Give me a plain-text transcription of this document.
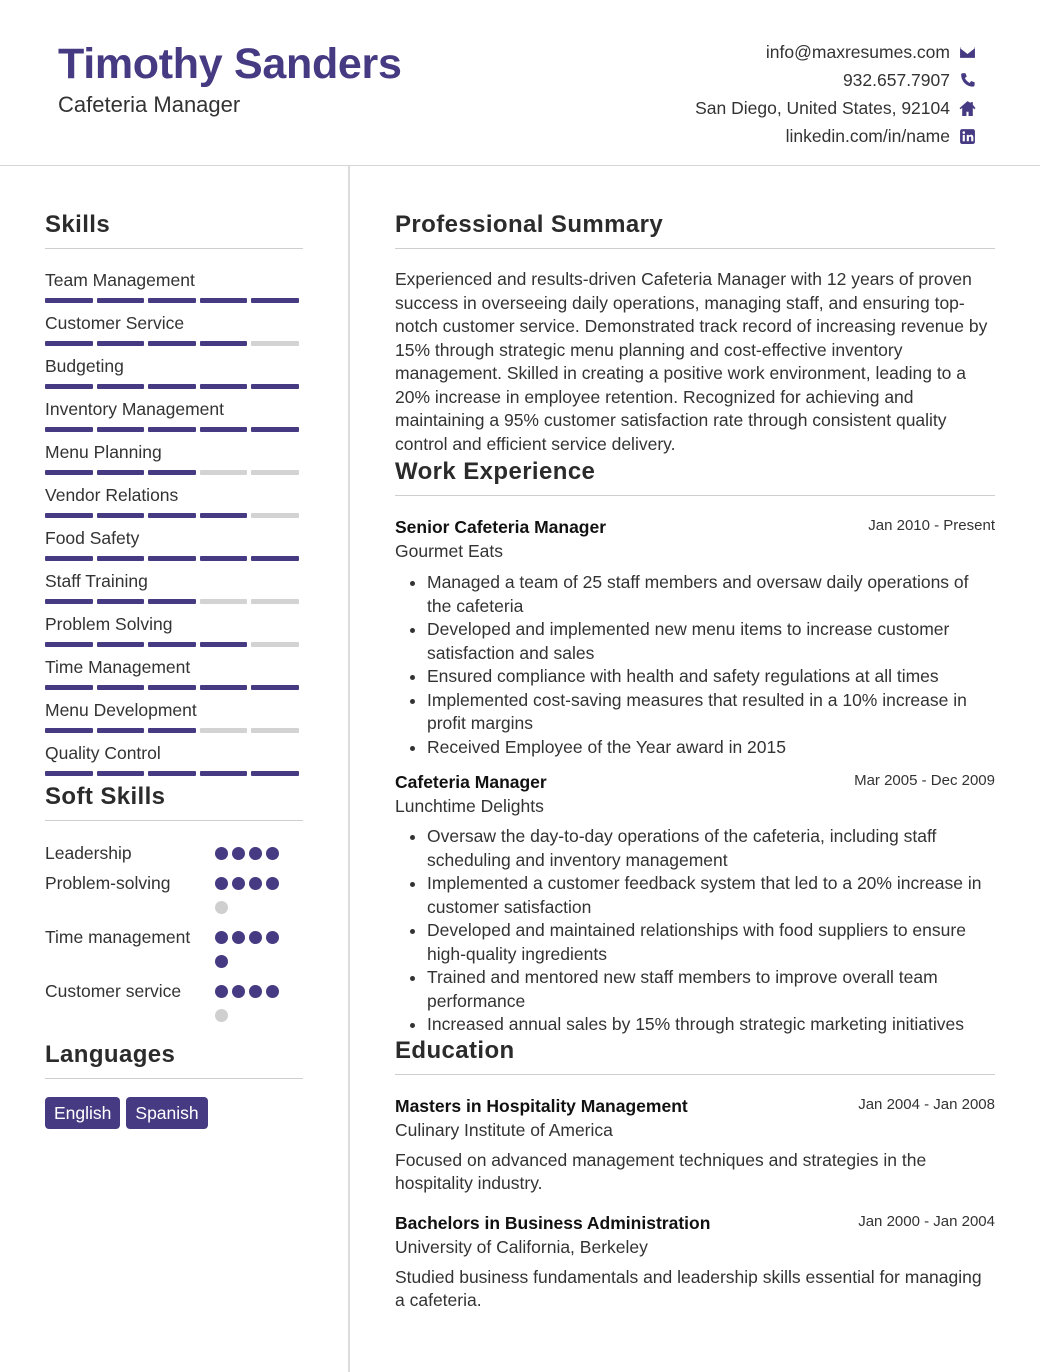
Timothy Sanders
Cafeteria Manager
info@maxresumes.com
932.657.7907
San Diego, United States, 92104
linkedin.com/in/name
Skills
Team Management
Customer Service
Budgeting
Inventory Management
Menu Planning
Vendor Relations
Food Safety
Staff Training
Problem Solving
Time Management
Menu Development
Quality Control
Soft Skills
Leadership
Problem-solving
Time management
Customer service
Languages
English	Spanish
Professional Summary
Experienced and results-driven Cafeteria Manager with 12 years of proven success in overseeing daily operations, managing staff, and ensuring top-notch customer service. Demonstrated track record of increasing revenue by 15% through strategic menu planning and cost-effective inventory management. Skilled in creating a positive work environment, leading to a 20% increase in employee retention. Recognized for achieving and maintaining a 95% customer satisfaction rate through consistent quality control and efficient service delivery.
Work Experience
Senior Cafeteria Manager	Jan 2010 - Present
Gourmet Eats
• Managed a team of 25 staff members and oversaw daily operations of the cafeteria
• Developed and implemented new menu items to increase customer satisfaction and sales
• Ensured compliance with health and safety regulations at all times
• Implemented cost-saving measures that resulted in a 10% increase in profit margins
• Received Employee of the Year award in 2015
Cafeteria Manager	Mar 2005 - Dec 2009
Lunchtime Delights
• Oversaw the day-to-day operations of the cafeteria, including staff scheduling and inventory management
• Implemented a customer feedback system that led to a 20% increase in customer satisfaction
• Developed and maintained relationships with food suppliers to ensure high-quality ingredients
• Trained and mentored new staff members to improve overall team performance
• Increased annual sales by 15% through strategic marketing initiatives
Education
Masters in Hospitality Management	Jan 2004 - Jan 2008
Culinary Institute of America
Focused on advanced management techniques and strategies in the hospitality industry.
Bachelors in Business Administration	Jan 2000 - Jan 2004
University of California, Berkeley
Studied business fundamentals and leadership skills essential for managing a cafeteria.
